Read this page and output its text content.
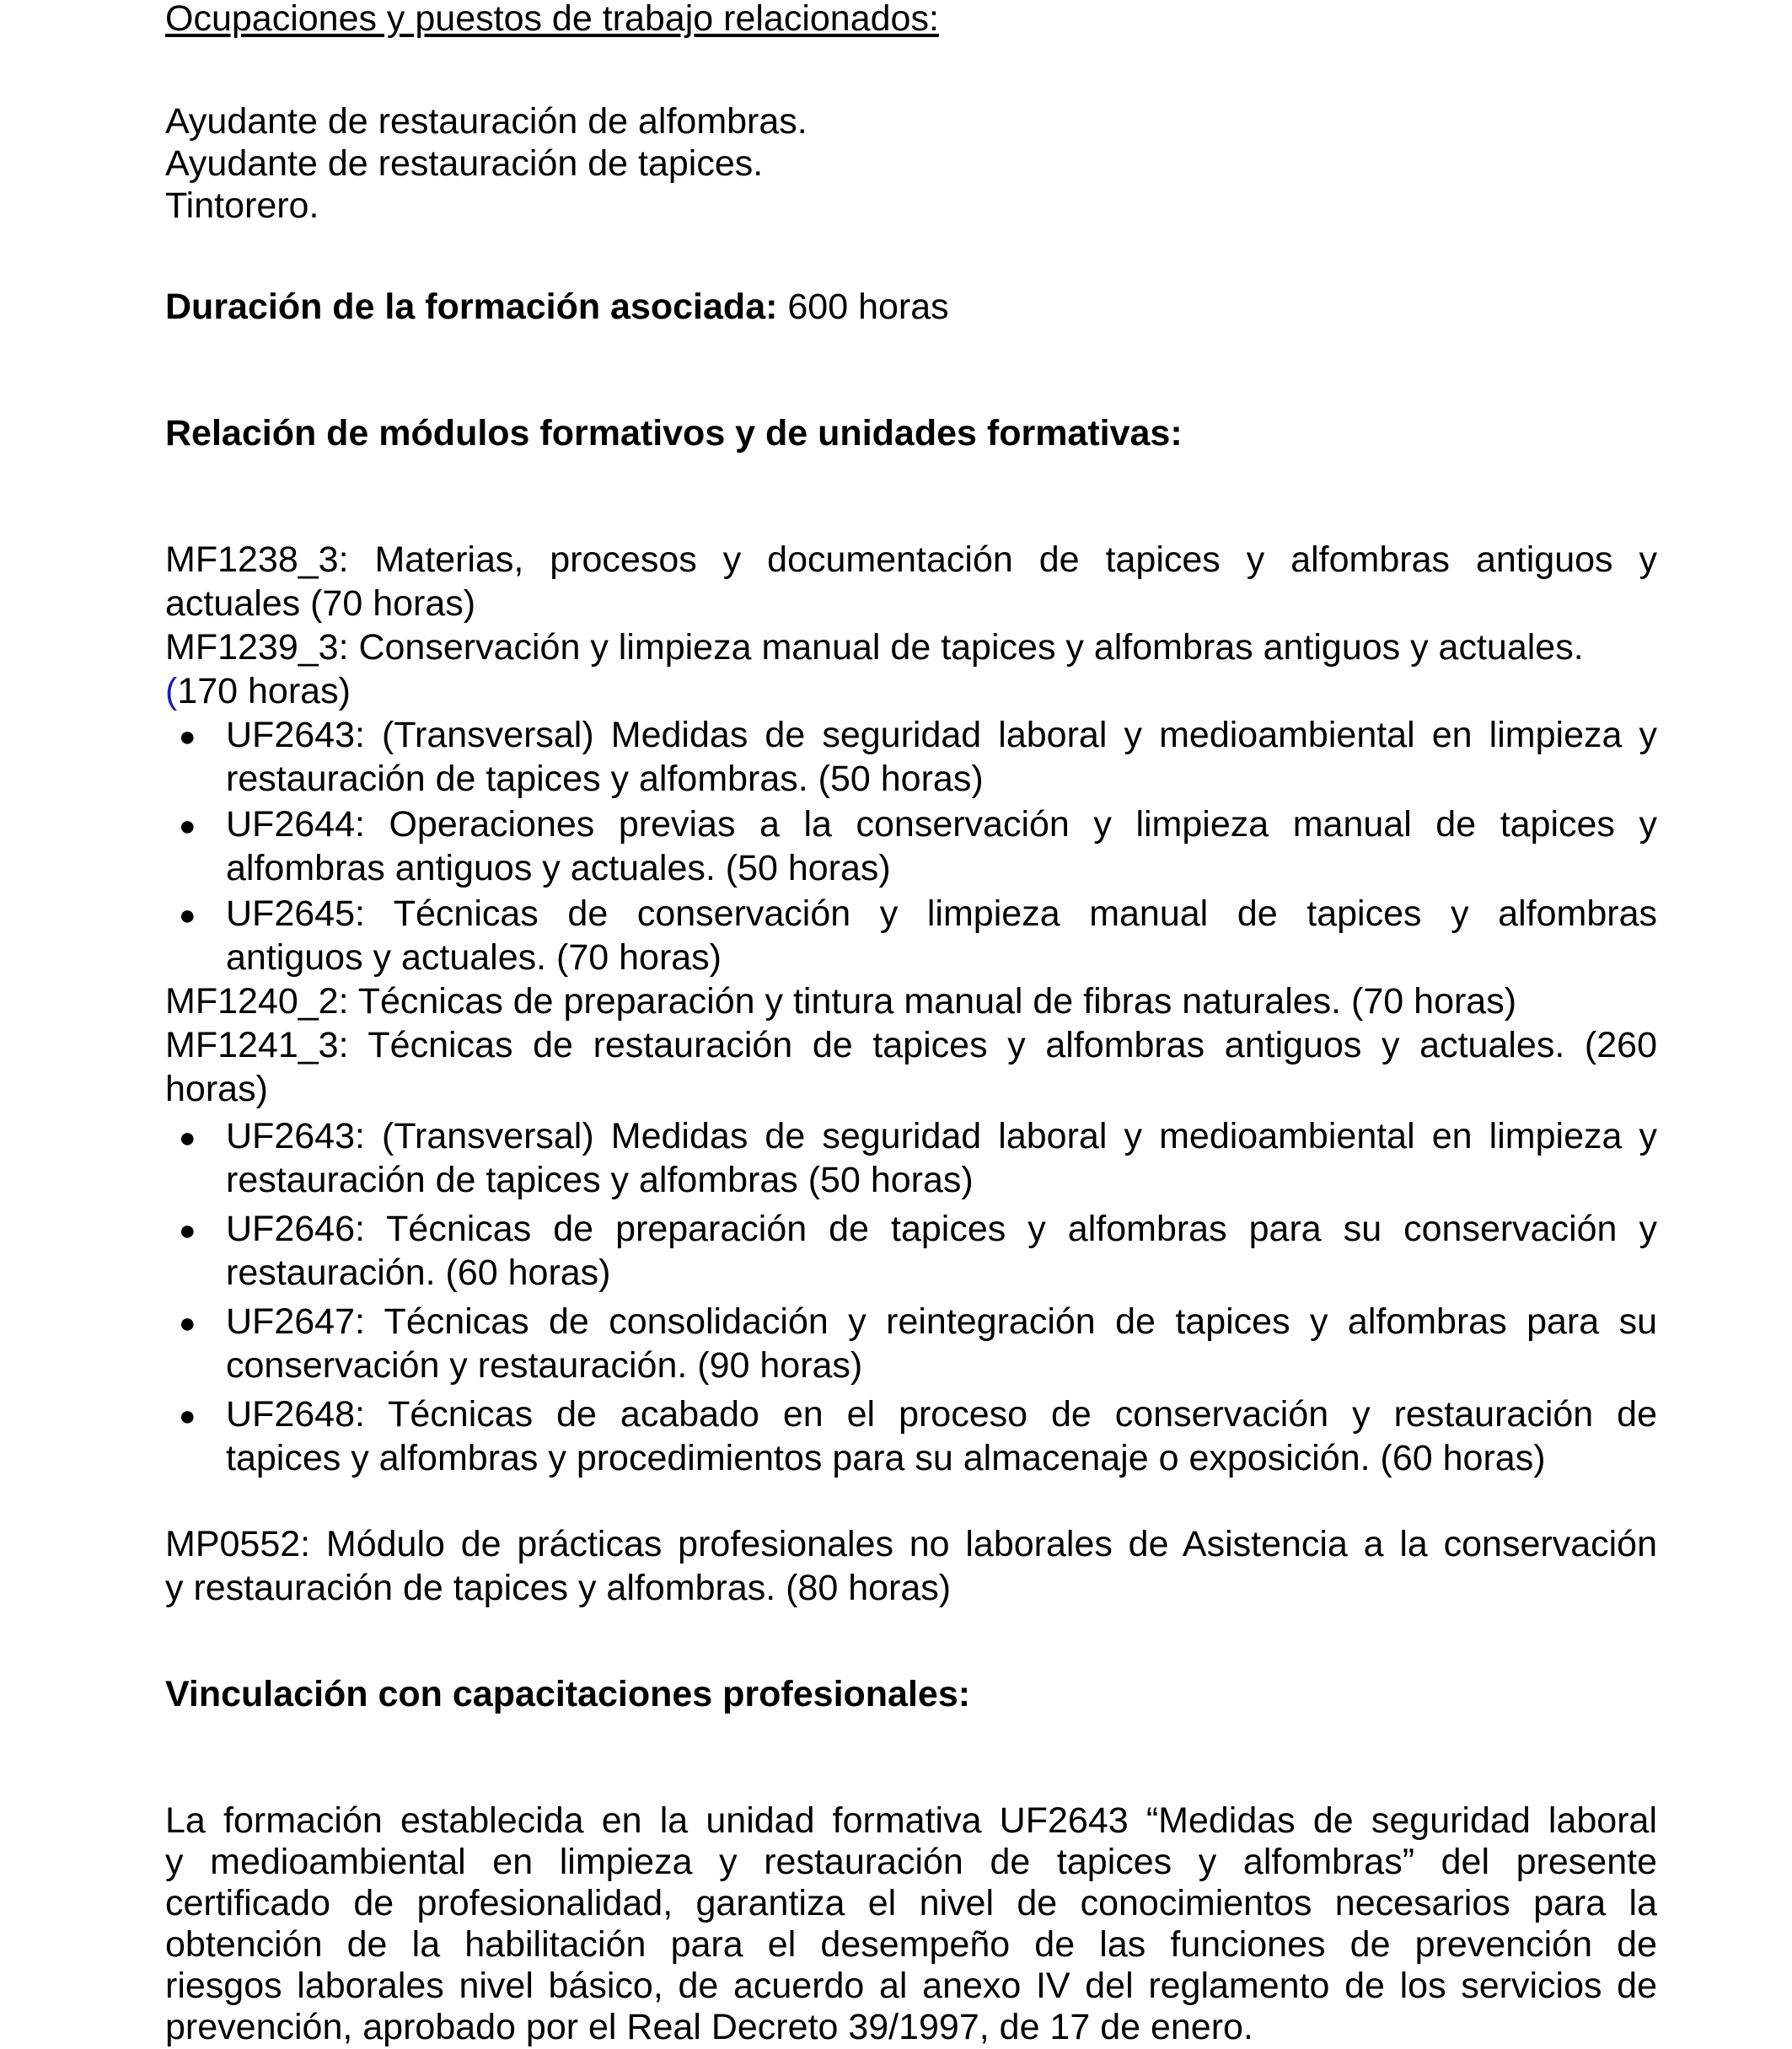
Ocupaciones y puestos de trabajo relacionados:
Ayudante de restauración de alfombras.
Ayudante de restauración de tapices.
Tintorero.
Duración de la formación asociada: 600 horas
Relación de módulos formativos y de unidades formativas:
MF1238_3: Materias, procesos y documentación de tapices y alfombras antiguos y
actuales (70 horas)
MF1239_3: Conservación y limpieza manual de tapices y alfombras antiguos y actuales.
(170 horas)
● UF2643: (Transversal) Medidas de seguridad laboral y medioambiental en limpieza y
restauración de tapices y alfombras. (50 horas)
● UF2644: Operaciones previas a la conservación y limpieza manual de tapices y
alfombras antiguos y actuales. (50 horas)
● UF2645: Técnicas de conservación y limpieza manual de tapices y alfombras
antiguos y actuales. (70 horas)
MF1240_2: Técnicas de preparación y tintura manual de fibras naturales. (70 horas)
MF1241_3: Técnicas de restauración de tapices y alfombras antiguos y actuales. (260
horas)
● UF2643: (Transversal) Medidas de seguridad laboral y medioambiental en limpieza y
restauración de tapices y alfombras (50 horas)
● UF2646: Técnicas de preparación de tapices y alfombras para su conservación y
restauración. (60 horas)
● UF2647: Técnicas de consolidación y reintegración de tapices y alfombras para su
conservación y restauración. (90 horas)
● UF2648: Técnicas de acabado en el proceso de conservación y restauración de
tapices y alfombras y procedimientos para su almacenaje o exposición. (60 horas)
MP0552: Módulo de prácticas profesionales no laborales de Asistencia a la conservación
y restauración de tapices y alfombras. (80 horas)
Vinculación con capacitaciones profesionales:
La formación establecida en la unidad formativa UF2643 “Medidas de seguridad laboral
y medioambiental en limpieza y restauración de tapices y alfombras” del presente
certificado de profesionalidad, garantiza el nivel de conocimientos necesarios para la
obtención de la habilitación para el desempeño de las funciones de prevención de
riesgos laborales nivel básico, de acuerdo al anexo IV del reglamento de los servicios de
prevención, aprobado por el Real Decreto 39/1997, de 17 de enero.
